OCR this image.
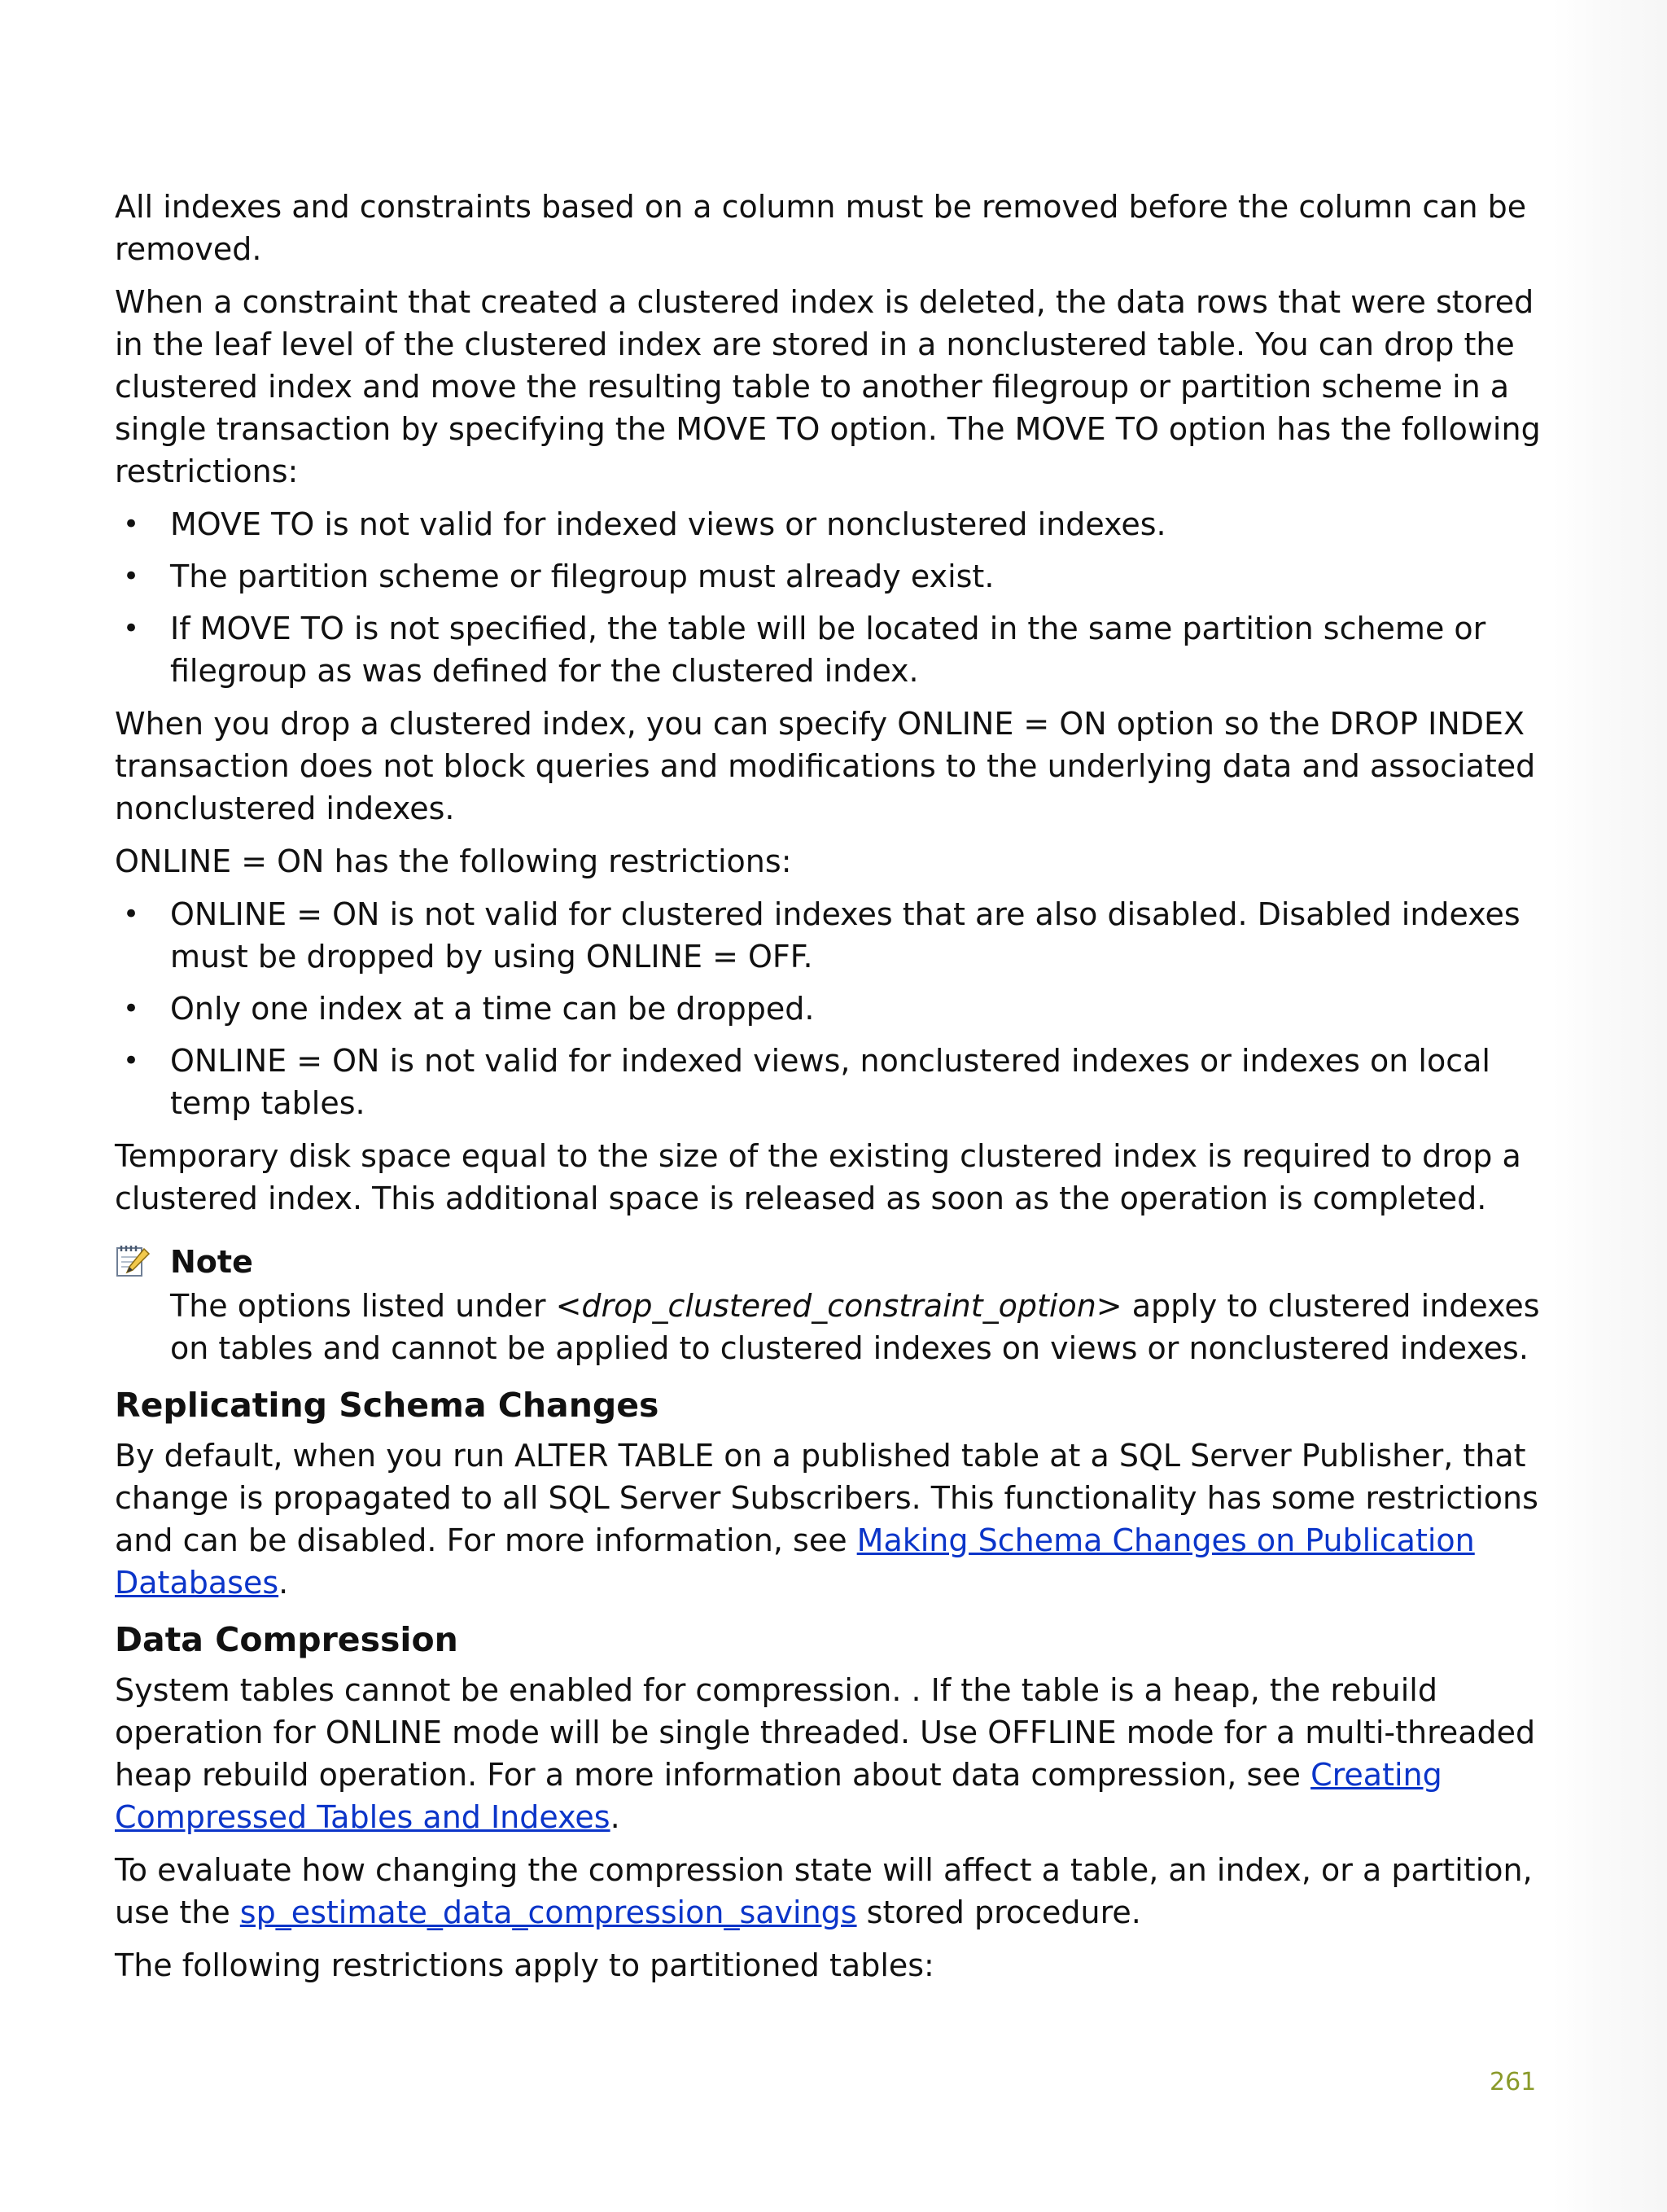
All indexes and constraints based on a column must be removed before the column can be removed.

When a constraint that created a clustered index is deleted, the data rows that were stored in the leaf level of the clustered index are stored in a nonclustered table. You can drop the clustered index and move the resulting table to another filegroup or partition scheme in a single transaction by specifying the MOVE TO option. The MOVE TO option has the following restrictions:

• MOVE TO is not valid for indexed views or nonclustered indexes.
• The partition scheme or filegroup must already exist.
• If MOVE TO is not specified, the table will be located in the same partition scheme or filegroup as was defined for the clustered index.

When you drop a clustered index, you can specify ONLINE = ON option so the DROP INDEX transaction does not block queries and modifications to the underlying data and associated nonclustered indexes.

ONLINE = ON has the following restrictions:

• ONLINE = ON is not valid for clustered indexes that are also disabled. Disabled indexes must be dropped by using ONLINE = OFF.
• Only one index at a time can be dropped.
• ONLINE = ON is not valid for indexed views, nonclustered indexes or indexes on local temp tables.

Temporary disk space equal to the size of the existing clustered index is required to drop a clustered index. This additional space is released as soon as the operation is completed.

Note

The options listed under <drop_clustered_constraint_option> apply to clustered indexes on tables and cannot be applied to clustered indexes on views or nonclustered indexes.

Replicating Schema Changes

By default, when you run ALTER TABLE on a published table at a SQL Server Publisher, that change is propagated to all SQL Server Subscribers. This functionality has some restrictions and can be disabled. For more information, see Making Schema Changes on Publication Databases.

Data Compression

System tables cannot be enabled for compression. . If the table is a heap, the rebuild operation for ONLINE mode will be single threaded. Use OFFLINE mode for a multi-threaded heap rebuild operation. For a more information about data compression, see Creating Compressed Tables and Indexes.

To evaluate how changing the compression state will affect a table, an index, or a partition, use the sp_estimate_data_compression_savings stored procedure.

The following restrictions apply to partitioned tables:

261
